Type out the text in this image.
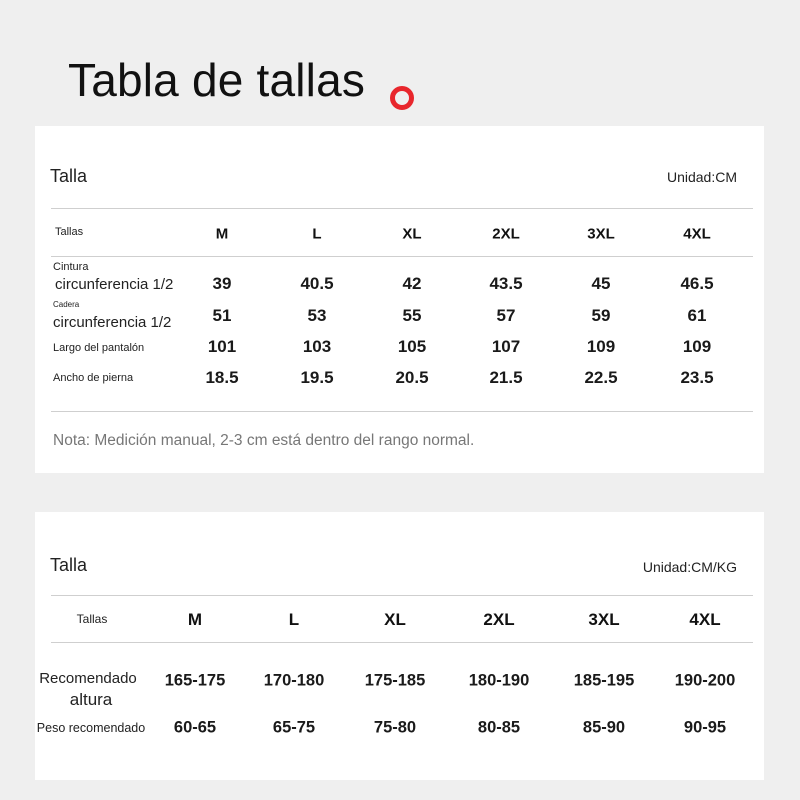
Tabla de tallas
Talla	Unidad:CM
Tallas	M	L	XL	2XL	3XL	4XL
Cintura
circunferencia 1/2 39	40.5	42	43.5	45	46.5
Cadera
circunferencia 1/2 51	53	55	57	59	61
Largo del pantalón	101	103	105	107	109	109
Ancho de pierna	18.5	19.5	20.5	21.5	22.5	23.5
Nota: Medición manual, 2-3 cm está dentro del rango normal.
Talla	Unidad:CM/KG
Tallas	M	L	XL	2XL	3XL	4XL
Recomendado
altura
165-175 170-180 175-185	180-190	185-195 190-200
Peso recomendado 60-65	65-75	75-80	80-85	85-90	90-95
